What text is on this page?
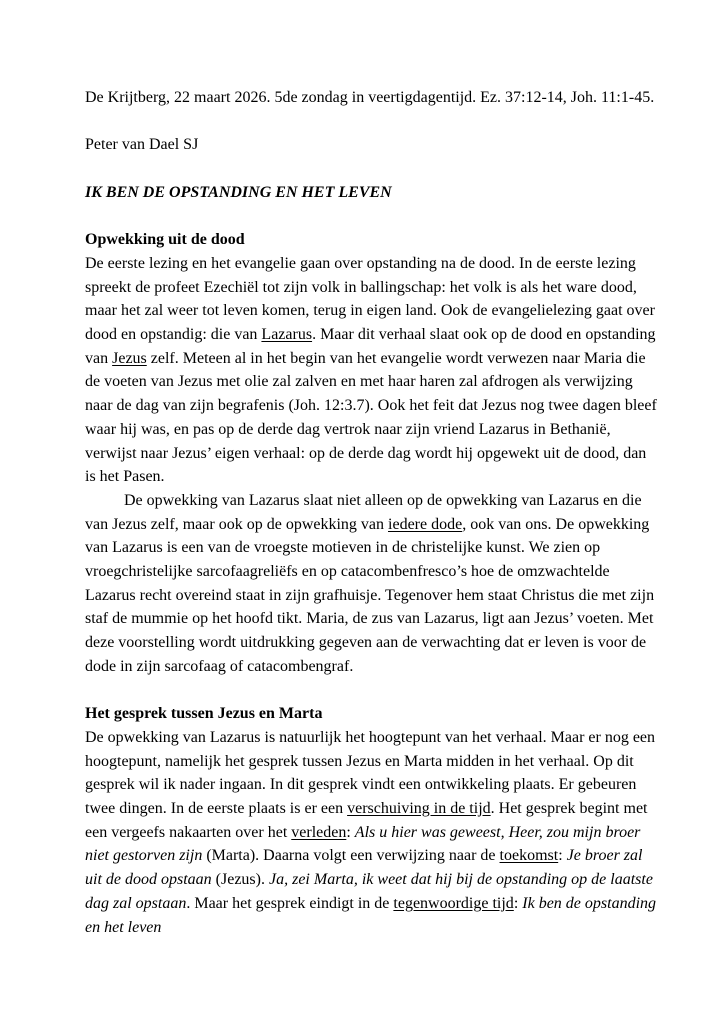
De Krijtberg, 22 maart 2026. 5de zondag in veertigdagentijd. Ez. 37:12-14, Joh. 11:1-45.

Peter van Dael SJ

IK BEN DE OPSTANDING EN HET LEVEN

Opwekking uit de dood

De eerste lezing en het evangelie gaan over opstanding na de dood. In de eerste lezing spreekt de profeet Ezechiël tot zijn volk in ballingschap: het volk is als het ware dood, maar het zal weer tot leven komen, terug in eigen land. Ook de evangelielezing gaat over dood en opstandig: die van Lazarus. Maar dit verhaal slaat ook op de dood en opstanding van Jezus zelf. Meteen al in het begin van het evangelie wordt verwezen naar Maria die de voeten van Jezus met olie zal zalven en met haar haren zal afdrogen als verwijzing naar de dag van zijn begrafenis (Joh. 12:3.7). Ook het feit dat Jezus nog twee dagen bleef waar hij was, en pas op de derde dag vertrok naar zijn vriend Lazarus in Bethanië, verwijst naar Jezus’ eigen verhaal: op de derde dag wordt hij opgewekt uit de dood, dan is het Pasen.

De opwekking van Lazarus slaat niet alleen op de opwekking van Lazarus en die van Jezus zelf, maar ook op de opwekking van iedere dode, ook van ons. De opwekking van Lazarus is een van de vroegste motieven in de christelijke kunst. We zien op vroegchristelijke sarcofaagreliëfs en op catacombenfresco’s hoe de omzwachtelde Lazarus recht overeind staat in zijn grafhuisje. Tegenover hem staat Christus die met zijn staf de mummie op het hoofd tikt. Maria, de zus van Lazarus, ligt aan Jezus’ voeten. Met deze voorstelling wordt uitdrukking gegeven aan de verwachting dat er leven is voor de dode in zijn sarcofaag of catacombengraf.

Het gesprek tussen Jezus en Marta

De opwekking van Lazarus is natuurlijk het hoogtepunt van het verhaal. Maar er nog een hoogtepunt, namelijk het gesprek tussen Jezus en Marta midden in het verhaal. Op dit gesprek wil ik nader ingaan. In dit gesprek vindt een ontwikkeling plaats. Er gebeuren twee dingen. In de eerste plaats is er een verschuiving in de tijd. Het gesprek begint met een vergeefs nakaarten over het verleden: Als u hier was geweest, Heer, zou mijn broer niet gestorven zijn (Marta). Daarna volgt een verwijzing naar de toekomst: Je broer zal uit de dood opstaan (Jezus). Ja, zei Marta, ik weet dat hij bij de opstanding op de laatste dag zal opstaan. Maar het gesprek eindigt in de tegenwoordige tijd: Ik ben de opstanding en het leven
